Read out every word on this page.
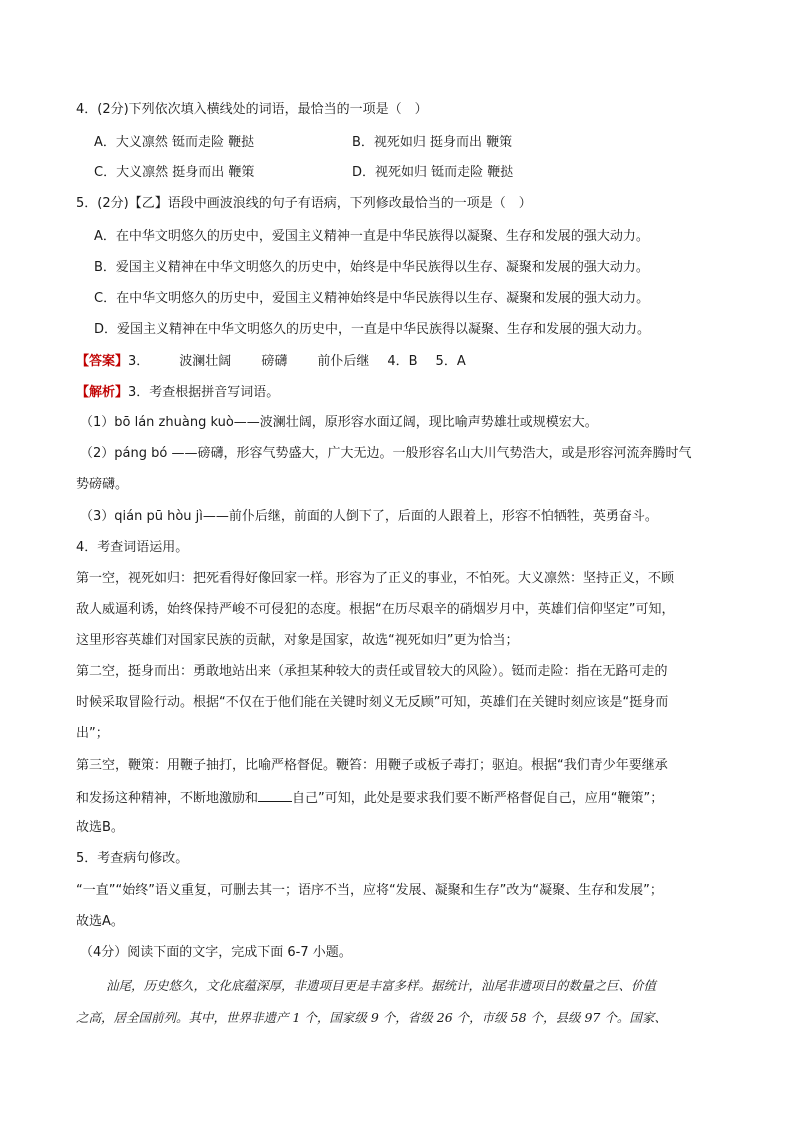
4．(2分)下列依次填入横线处的词语，最恰当的一项是（　）
A．大义凛然 铤而走险 鞭挞	B．视死如归 挺身而出 鞭策
C．大义凛然 挺身而出 鞭策	D．视死如归 铤而走险 鞭挞
5．(2分)【乙】语段中画波浪线的句子有语病，下列修改最恰当的一项是（　）
A．在中华文明悠久的历史中，爱国主义精神一直是中华民族得以凝聚、生存和发展的强大动力。
B．爱国主义精神在中华文明悠久的历史中，始终是中华民族得以生存、凝聚和发展的强大动力。
C．在中华文明悠久的历史中，爱国主义精神始终是中华民族得以生存、凝聚和发展的强大动力。
D．爱国主义精神在中华文明悠久的历史中，一直是中华民族得以凝聚、生存和发展的强大动力。
【答案】3． 波澜壮阔 磅礴 前仆后继 4．B 5．A
【解析】3．考查根据拼音写词语。
（1）bō lán zhuàng kuò——波澜壮阔，原形容水面辽阔，现比喻声势雄壮或规模宏大。
（2）páng bó ——磅礴，形容气势盛大，广大无边。一般形容名山大川气势浩大，或是形容河流奔腾时气
势磅礴。
（3）qián pū hòu jì——前仆后继，前面的人倒下了，后面的人跟着上，形容不怕牺牲，英勇奋斗。
4．考查词语运用。
第一空，视死如归：把死看得好像回家一样。形容为了正义的事业，不怕死。大义凛然：坚持正义，不顾
敌人威逼利诱，始终保持严峻不可侵犯的态度。根据“在历尽艰辛的硝烟岁月中，英雄们信仰坚定”可知，
这里形容英雄们对国家民族的贡献，对象是国家，故选“视死如归”更为恰当；
第二空，挺身而出：勇敢地站出来（承担某种较大的责任或冒较大的风险）。铤而走险：指在无路可走的
时候采取冒险行动。根据“不仅在于他们能在关键时刻义无反顾”可知，英雄们在关键时刻应该是“挺身而
出”；
第三空，鞭策：用鞭子抽打，比喻严格督促。鞭笞：用鞭子或板子毒打；驱迫。根据“我们青少年要继承
和发扬这种精神，不断地激励和	自己”可知，此处是要求我们要不断严格督促自己，应用“鞭策”；
故选B。
5．考查病句修改。
“一直”“始终”语义重复，可删去其一；语序不当，应将“发展、凝聚和生存”改为“凝聚、生存和发展”；
故选A。
（4分）阅读下面的文字，完成下面 6-7 小题。
汕尾，历史悠久，文化底蕴深厚，非遗项目更是丰富多样。据统计，汕尾非遗项目的数量之巨、价值
之高，居全国前列。其中，世界非遗产 1 个，国家级 9 个，省级 26 个，市级 58 个，县级 97 个。国家、
